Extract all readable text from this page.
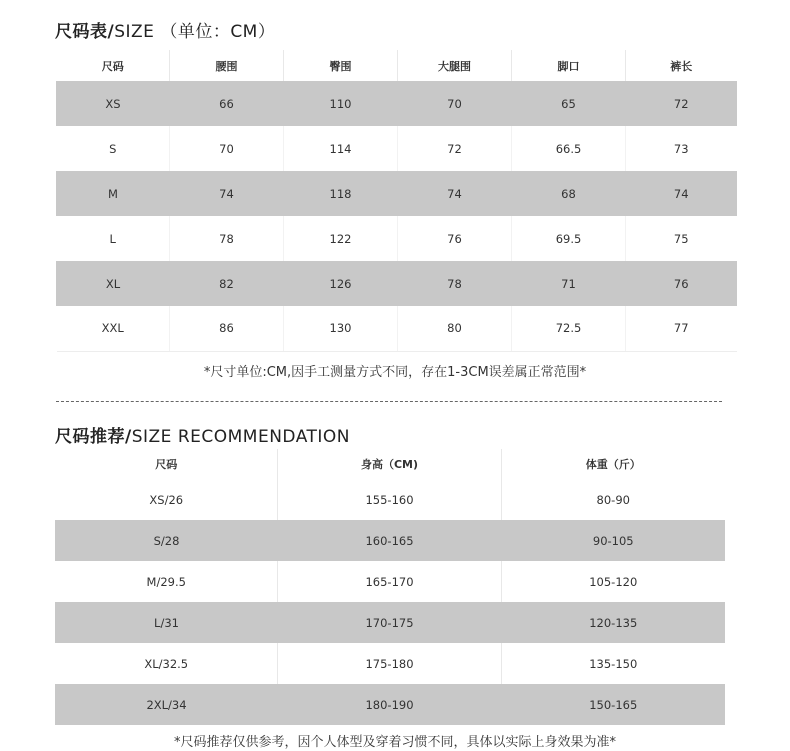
尺码表/SIZE （单位：CM）
尺码	腰围	臀围	大腿围	脚口	裤长
XS	66	110	70	65	72
S	70	114	72	66.5	73
M	74	118	74	68	74
L	78	122	76	69.5	75
XL	82	126	78	71	76
XXL	86	130	80	72.5	77
*尺寸单位:CM,因手工测量方式不同，存在1-3CM误差属正常范围*
尺码推荐/SIZE RECOMMENDATION
尺码	身高（CM)	体重（斤）
XS/26	155-160	80-90
S/28	160-165	90-105
M/29.5	165-170	105-120
L/31	170-175	120-135
XL/32.5	175-180	135-150
2XL/34	180-190	150-165
*尺码推荐仅供参考，因个人体型及穿着习惯不同，具体以实际上身效果为准*
